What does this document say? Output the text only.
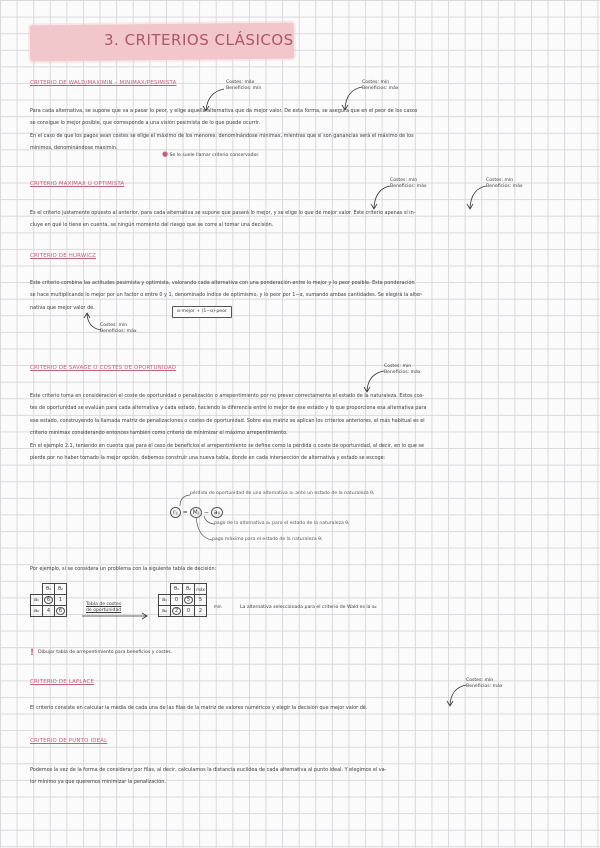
3. CRITERIOS CLÁSICOS
CRITERIO DE WALD/MAXIMIN – MINIMAX/PESIMISTA	Costes: máx
Beneficios: mín
Costes: mín
Beneficios: máx
Para cada alternativa, se supone que va a pasar lo peor, y elige aquella alternativa que da mejor valor. De esta forma, se asegura que en el peor de los casos
se consigue lo mejor posible, que corresponde a una visión pesimista de lo que puede ocurrir.
En el caso de que los pagos sean costes se elige el máximo de los menores: denominándose minimax, mientras que si son ganancias será el máximo de los
mínimos, denominándose maximin.
● Se le suele llamar criterio conservador.
CRITERIO MAXIMAX U OPTIMISTA
Costes: mín
Beneficios: máx
Costes: mín
Beneficios: máx
Es el criterio justamente opuesto al anterior, para cada alternativa se supone que pasará lo mejor, y se elige lo que dé mejor valor. Este criterio apenas sí in-
cluye en qué lo tiene en cuenta, se ningún momento del riesgo que se corre al tomar una decisión.
CRITERIO DE HURWICZ
Este criterio combina las actitudes pesimista y optimista, valorando cada alternativa con una ponderación entre lo mejor y lo peor posible. Esta ponderación
se hace multiplicando lo mejor por un factor α entre 0 y 1, denominado índice de optimismo, y lo peor por 1−α, sumando ambas cantidades. Se elegirá la alter-
nativa que mejor valor dé.
α·mejor + (1−α)·peor
Costes: mín
Beneficios: máx
CRITERIO DE SAVAGE O COSTES DE OPORTUNIDAD	Costes: mín
Beneficios: máx
Este criterio toma en consideración el coste de oportunidad o penalización o arrepentimiento por no prever correctamente el estado de la naturaleza. Estos cos-
tes de oportunidad se evalúan para cada alternativa y cada estado, haciendo la diferencia entre lo mejor de ese estado y lo que proporciona esa alternativa para
ese estado, construyendo la llamada matriz de penalizaciones o costes de oportunidad. Sobre esa matriz se aplican los criterios anteriores, el más habitual es el
criterio minimax considerando entonces también como criterio de minimizar el máximo arrepentimiento.
En el ejemplo 2.1, teniendo en cuenta que para el caso de beneficios el arrepentimiento se define como la pérdida o coste de oportunidad, al decir, en lo que se
pierde por no haber tomado la mejor opción, debemos construir una nueva tabla, donde en cada intersección de alternativa y estado se escoge:
rᵢⱼ = Mⱼ − aᵢⱼ
pérdida de oportunidad de una alternativa a₁ ante un estado de la naturaleza θⱼ
pago de la alternativa a₁ para el estado de la naturaleza θⱼ
pago máximo para el estado de la naturaleza θⱼ
Por ejemplo, si se considera un problema con la siguiente tabla de decisión:
	θ₁	θ₂
a₁	6	1
a₂	4	6
Tabla de costes
de oportunidad
	θ₁	θ₂	máx
a₁	0	5	5
a₂	2	0	2
mín	La alternativa seleccionada para el criterio de Wald es la a₂
! Dibujar tabla de arrepentimiento para beneficios y costes.
CRITERIO DE LAPLACE	Costes: mín
Beneficios: máx
El criterio consiste en calcular la media de cada una de las filas de la matriz de valores numéricos y elegir la decisión que mejor valor dé.
CRITERIO DE PUNTO IDEAL
Podemos la vez de la forma de considerar por filas, al decir, calculamos la distancia euclídea de cada alternativa al punto ideal. Y elegimos el va-
lor mínimo ya que queremos minimizar la penalización.
